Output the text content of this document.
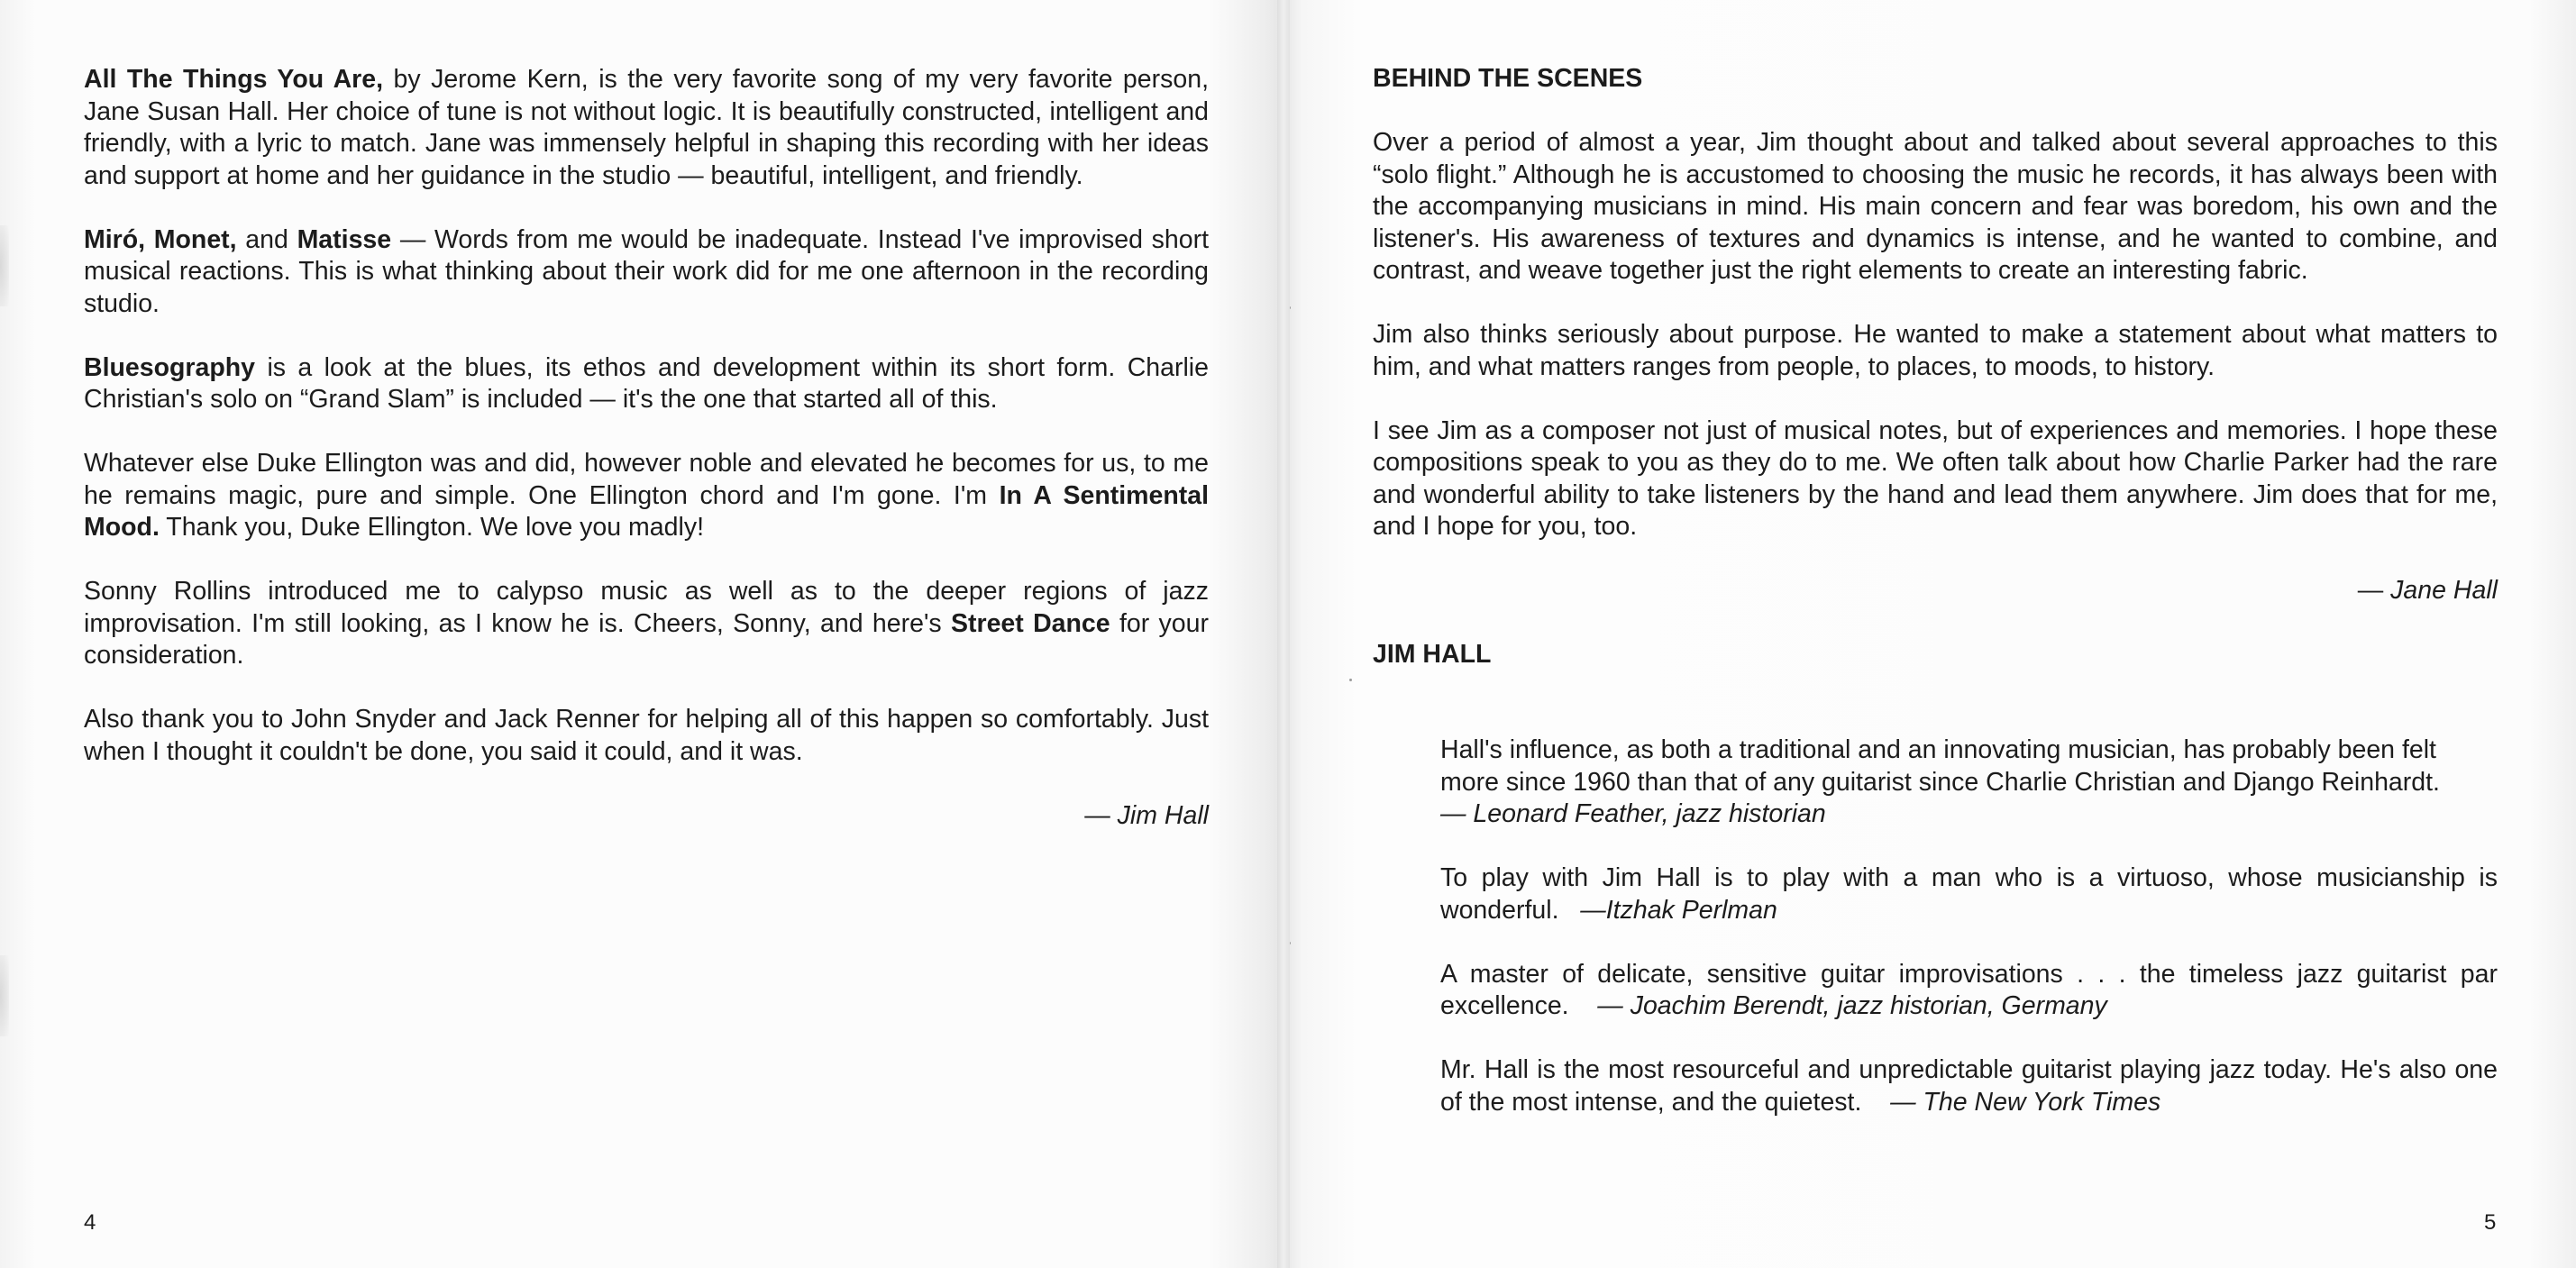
All The Things You Are, by Jerome Kern, is the very favorite song of my very favorite person, Jane Susan Hall. Her choice of tune is not without logic. It is beautifully constructed, intelligent and friendly, with a lyric to match. Jane was immensely helpful in shaping this recording with her ideas and support at home and her guidance in the studio — beautiful, intelligent, and friendly.

Miró, Monet, and Matisse — Words from me would be inadequate. Instead I've improvised short musical reactions. This is what thinking about their work did for me one afternoon in the recording studio.

Bluesography is a look at the blues, its ethos and development within its short form. Charlie Christian's solo on “Grand Slam” is included — it's the one that started all of this.

Whatever else Duke Ellington was and did, however noble and elevated he becomes for us, to me he remains magic, pure and simple. One Ellington chord and I'm gone. I'm In A Sentimental Mood. Thank you, Duke Ellington. We love you madly!

Sonny Rollins introduced me to calypso music as well as to the deeper regions of jazz improvisation. I'm still looking, as I know he is. Cheers, Sonny, and here's Street Dance for your consideration.

Also thank you to John Snyder and Jack Renner for helping all of this happen so comfortably. Just when I thought it couldn't be done, you said it could, and it was.

— Jim Hall

4
BEHIND THE SCENES

Over a period of almost a year, Jim thought about and talked about several approaches to this “solo flight.” Although he is accustomed to choosing the music he records, it has always been with the accompanying musicians in mind. His main concern and fear was boredom, his own and the listener's. His awareness of textures and dynamics is intense, and he wanted to combine, and contrast, and weave together just the right elements to create an interesting fabric.

Jim also thinks seriously about purpose. He wanted to make a statement about what matters to him, and what matters ranges from people, to places, to moods, to history.

I see Jim as a composer not just of musical notes, but of experiences and memories. I hope these compositions speak to you as they do to me. We often talk about how Charlie Parker had the rare and wonderful ability to take listeners by the hand and lead them anywhere. Jim does that for me, and I hope for you, too.

— Jane Hall

JIM HALL

Hall's influence, as both a traditional and an innovating musician, has probably been felt more since 1960 than that of any guitarist since Charlie Christian and Django Reinhardt.
— Leonard Feather, jazz historian

To play with Jim Hall is to play with a man who is a virtuoso, whose musicianship is wonderful. —Itzhak Perlman

A master of delicate, sensitive guitar improvisations . . . the timeless jazz guitarist par excellence. — Joachim Berendt, jazz historian, Germany

Mr. Hall is the most resourceful and unpredictable guitarist playing jazz today. He's also one of the most intense, and the quietest. — The New York Times

5
